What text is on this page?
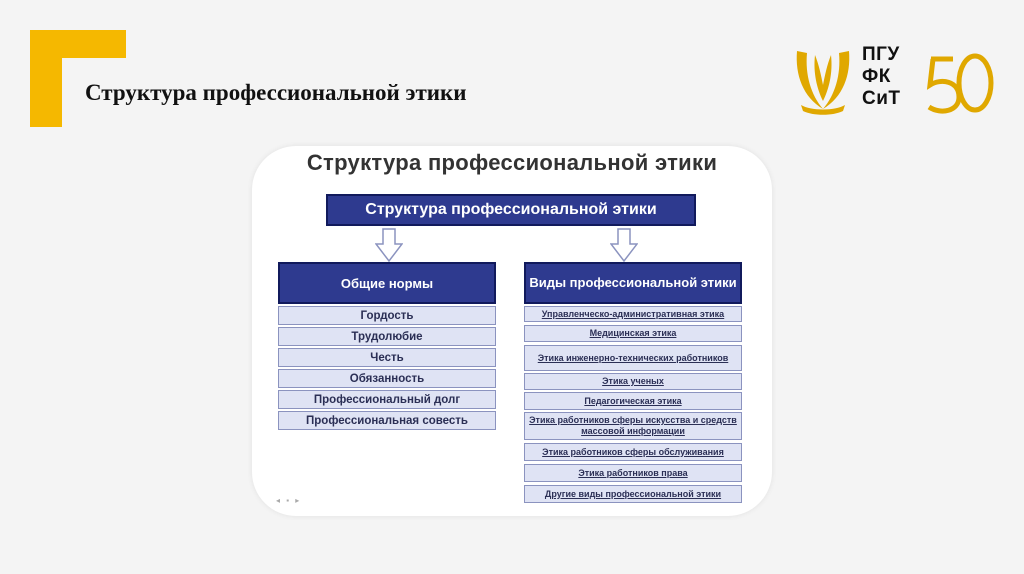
Структура профессиональной этики
ПГУ
ФК
СиТ
Структура профессиональной этики
Структура профессиональной этики
Общие нормы	Виды профессиональной этики
Гордость
Трудолюбие
Честь
Обязанность
Профессиональный долг
Профессиональная совесть
Управленческо-административная этика
Медицинская этика
Этика инженерно-технических работников
Этика ученых
Педагогическая этика
Этика работников сферы искусства и средств массовой информации
Этика работников сферы обслуживания
Этика работников права
Другие виды профессиональной этики
◂ ▪ ▸
